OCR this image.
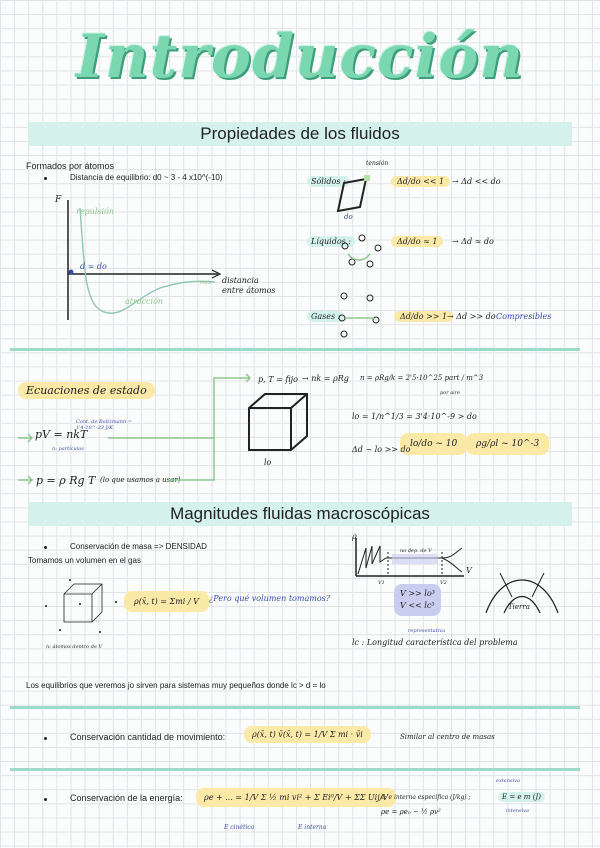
Introducción
Propiedades de los fluidos
Formados por átomos
Distancia de equilibrio: d0 ~ 3 - 4 x10^(-10)
F
repulsión
d ≈ do
atracción
distancia
entre átomos
ends
Sólidos :
tensión
do
Δd/do << 1 → Δd << do
Líquidos :	Δd/do ≈ 1	→ Δd ≈ do
Gases :	Δd/do >> 1 → Δd >> do Compresibles
Ecuaciones de estado
pV = nkT
Cont. de Boltzmann = 1'4·10^-23 J/K
n: partículas
p = ρ Rg T (lo que usamos a usar)
lo
p, T = fijo → nk = ρRg n = ρRg/k = 2'5·10^25 part / m^3
por aire
lo = 1/n^1/3 = 3'4·10^-9 > do
lo/do ~ 10	ρg/ρl ~ 10^-3
Δd ~ lo >> do
Magnitudes fluidas macroscópicas
Conservación de masa => DENSIDAD
Tomamos un volumen en el gas
n: átomos dentro de V
ρ(x̄, t) = Σmi / V	¿Pero qué volumen tomamos?
ρ
V
no dep. de V
V1	V2
V >> lo³
V << lc³	Tierra
representativa
lc : Longitud característica del problema
Los equilibrios que veremos jo sirven para sistemas muy pequeños donde lc > d = lo
Conservación cantidad de movimiento:	ρ(x̄, t) v̄(x̄, t) = 1/V Σ mi · v̄i	Similar al centro de masas
Conservación de la energía:	ρe + ... = 1/V Σ ½ mi vi² + Σ Ei⁰/V + ΣΣ Uij/V
E cinética	E interna
e: e interna específica (J/kg) ;	E = e m (J)
extensiva
intensiva
ρe = ρe₀ − ½ ρv²
